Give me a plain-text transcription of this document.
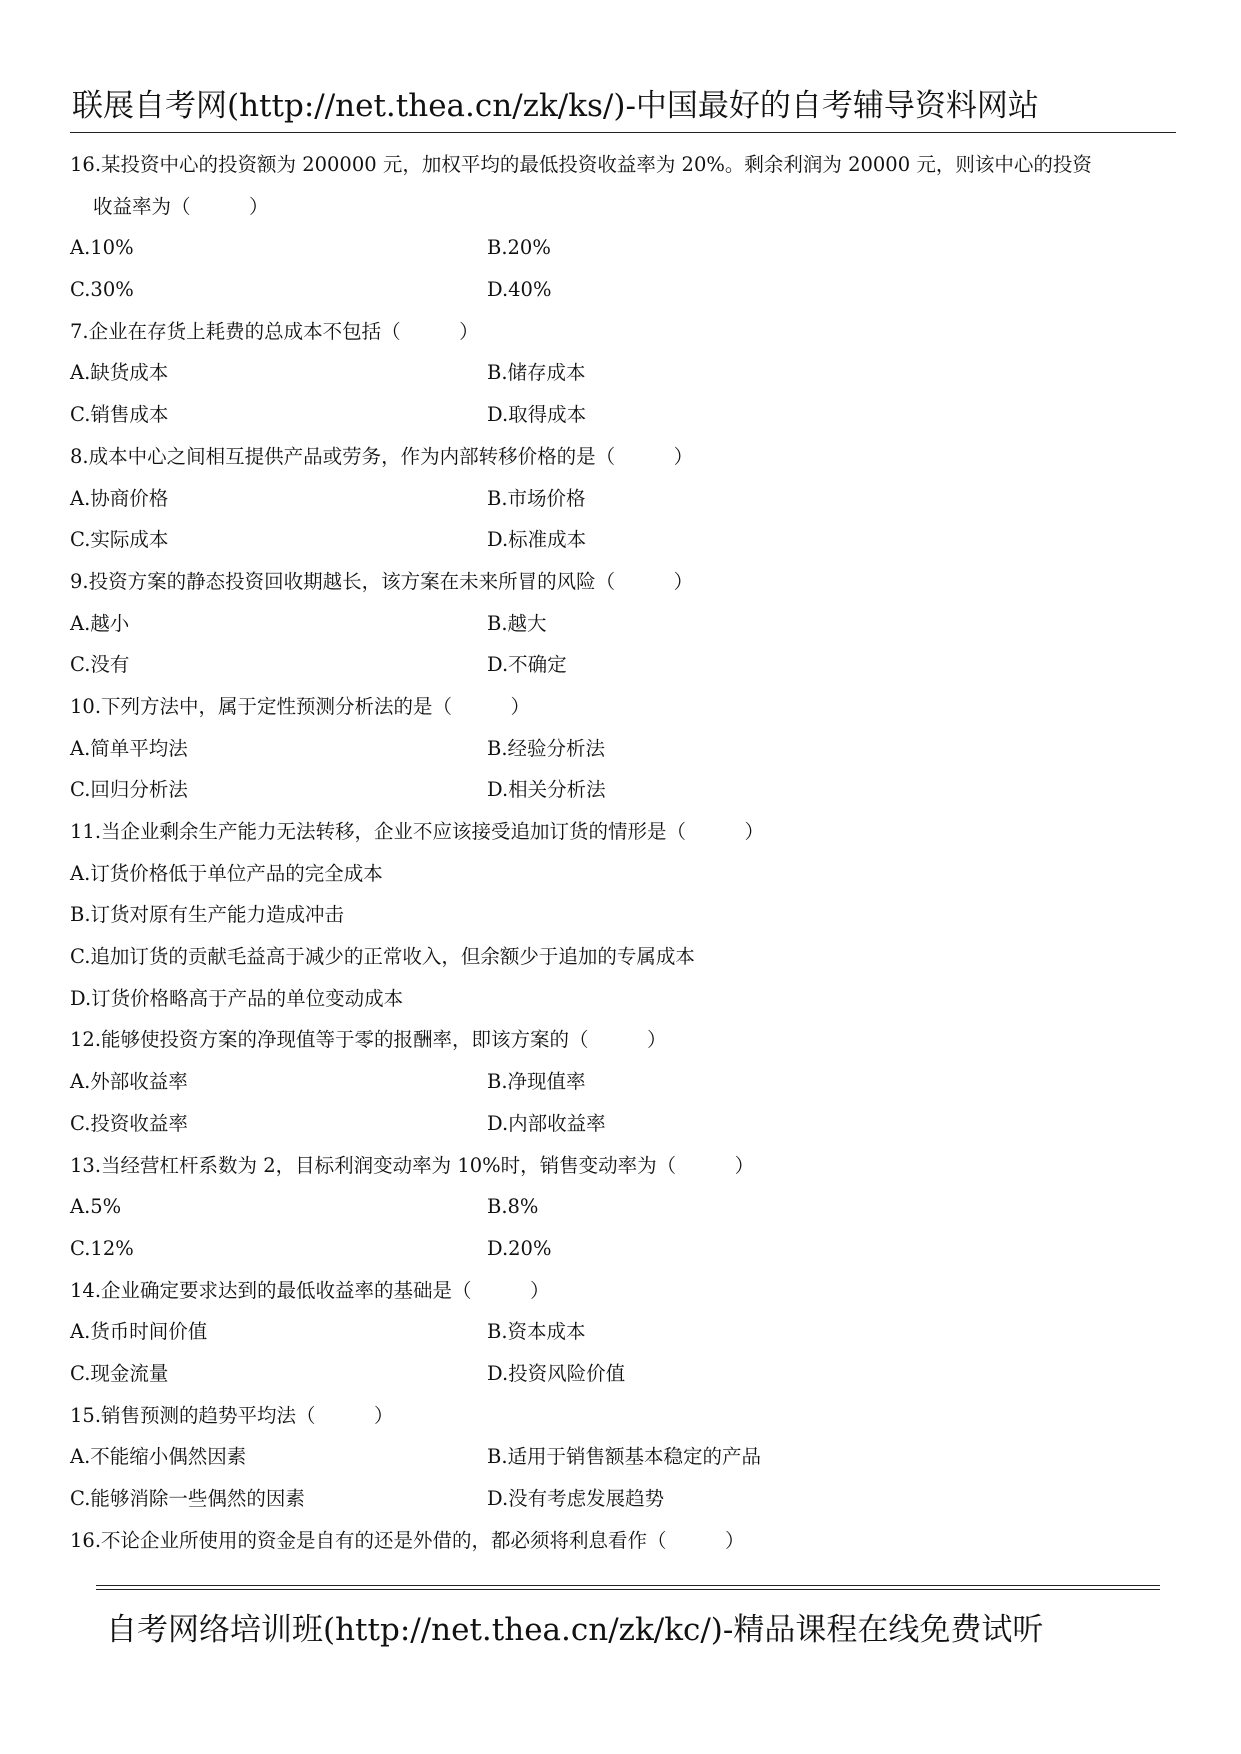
联展自考网(http://net.thea.cn/zk/ks/)-中国最好的自考辅导资料网站
16.某投资中心的投资额为 200000 元，加权平均的最低投资收益率为 20%。剩余利润为 20000 元，则该中心的投资
收益率为（　　　）
A.10%	B.20%
C.30%	D.40%
7.企业在存货上耗费的总成本不包括（　　　）
A.缺货成本	B.储存成本
C.销售成本	D.取得成本
8.成本中心之间相互提供产品或劳务，作为内部转移价格的是（　　　）
A.协商价格	B.市场价格
C.实际成本	D.标准成本
9.投资方案的静态投资回收期越长，该方案在未来所冒的风险（　　　）
A.越小	B.越大
C.没有	D.不确定
10.下列方法中，属于定性预测分析法的是（　　　）
A.简单平均法	B.经验分析法
C.回归分析法	D.相关分析法
11.当企业剩余生产能力无法转移，企业不应该接受追加订货的情形是（　　　）
A.订货价格低于单位产品的完全成本
B.订货对原有生产能力造成冲击
C.追加订货的贡献毛益高于减少的正常收入，但余额少于追加的专属成本
D.订货价格略高于产品的单位变动成本
12.能够使投资方案的净现值等于零的报酬率，即该方案的（　　　）
A.外部收益率	B.净现值率
C.投资收益率	D.内部收益率
13.当经营杠杆系数为 2，目标利润变动率为 10%时，销售变动率为（　　　）
A.5%	B.8%
C.12%	D.20%
14.企业确定要求达到的最低收益率的基础是（　　　）
A.货币时间价值	B.资本成本
C.现金流量	D.投资风险价值
15.销售预测的趋势平均法（　　　）
A.不能缩小偶然因素	B.适用于销售额基本稳定的产品
C.能够消除一些偶然的因素	D.没有考虑发展趋势
16.不论企业所使用的资金是自有的还是外借的，都必须将利息看作（　　　）
自考网络培训班(http://net.thea.cn/zk/kc/)-精品课程在线免费试听
